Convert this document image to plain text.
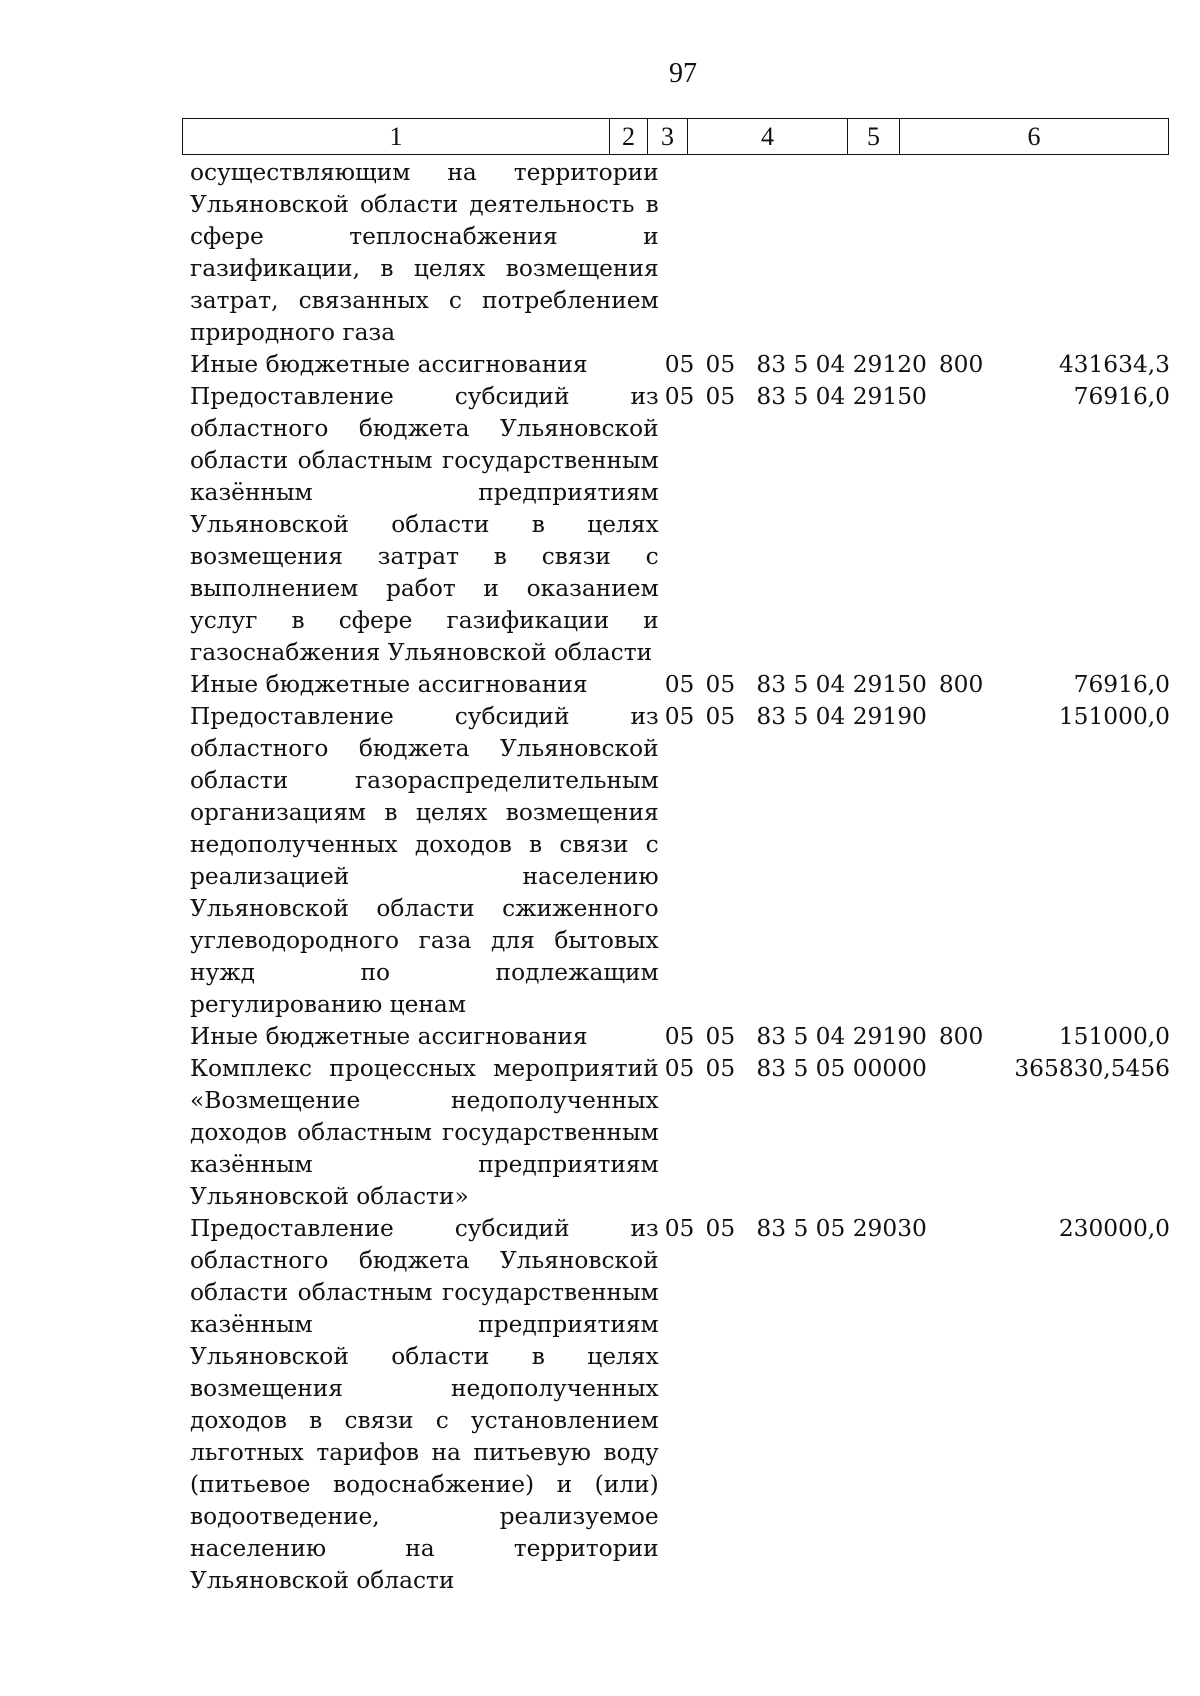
97
1	2	3	4	5	6
осуществляющим на территории Ульяновской области деятельность в сфере теплоснабжения и газификации, в целях возмещения затрат, связанных с потреблением природного газа					
Иные бюджетные ассигнования	05	05	83 5 04 29120	800	431634,3
Предоставление субсидий из областного бюджета Ульяновской области областным государственным казённым предприятиям Ульяновской области в целях возмещения затрат в связи с выполнением работ и оказанием услуг в сфере газификации и газоснабжения Ульяновской области	05	05	83 5 04 29150		76916,0
Иные бюджетные ассигнования	05	05	83 5 04 29150	800	76916,0
Предоставление субсидий из областного бюджета Ульяновской области газораспределительным организациям в целях возмещения недополученных доходов в связи с реализацией населению Ульяновской области сжиженного углеводородного газа для бытовых нужд по подлежащим регулированию ценам	05	05	83 5 04 29190		151000,0
Иные бюджетные ассигнования	05	05	83 5 04 29190	800	151000,0
Комплекс процессных мероприятий «Возмещение недополученных доходов областным государственным казённым предприятиям Ульяновской области»	05	05	83 5 05 00000		365830,5456
Предоставление субсидий из областного бюджета Ульяновской области областным государственным казённым предприятиям Ульяновской области в целях возмещения недополученных доходов в связи с установлением льготных тарифов на питьевую воду (питьевое водоснабжение) и (или) водоотведение, реализуемое населению на территории Ульяновской области	05	05	83 5 05 29030		230000,0
